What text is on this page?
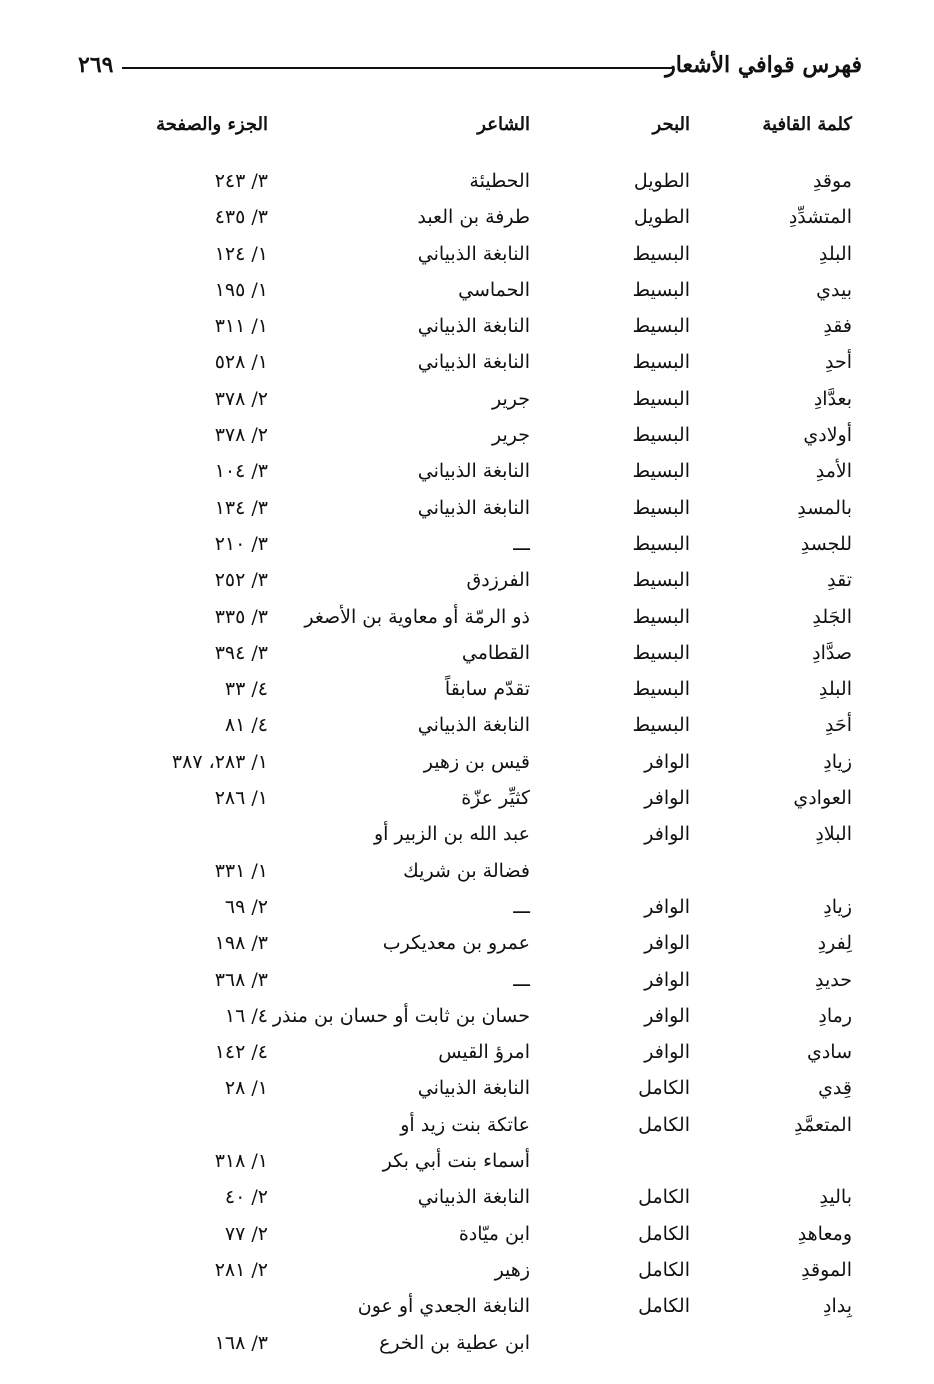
٢٦٩	فهرس قوافي الأشعار
كلمة القافية
البحر
الشاعر
الجزء والصفحة
موقدِ
الطويل
الحطيئة
٣/ ٢٤٣
المتشدِّدِ
الطويل
طرفة بن العبد
٣/ ٤٣٥
البلدِ
البسيط
النابغة الذبياني
١/ ١٢٤
بيدي
البسيط
الحماسي
١/ ١٩٥
فقدِ
البسيط
النابغة الذبياني
١/ ٣١١
أحدِ
البسيط
النابغة الذبياني
١/ ٥٢٨
بعدَّادِ
البسيط
جرير
٢/ ٣٧٨
أولادي
البسيط
جرير
٢/ ٣٧٨
الأمدِ
البسيط
النابغة الذبياني
٣/ ١٠٤
بالمسدِ
البسيط
النابغة الذبياني
٣/ ١٣٤
للجسدِ
البسيط
ـــ
٣/ ٢١٠
تقدِ
البسيط
الفرزدق
٣/ ٢٥٢
الجَلدِ
البسيط
ذو الرمّة أو معاوية بن الأصغر
٣/ ٣٣٥
صدَّادِ
البسيط
القطامي
٣/ ٣٩٤
البلدِ
البسيط
تقدّم سابقاً
٤/ ٣٣
أحَدِ
البسيط
النابغة الذبياني
٤/ ٨١
زيادِ
الوافر
قيس بن زهير
١/ ٢٨٣، ٣٨٧
العوادي
الوافر
كثيِّر عزّة
١/ ٢٨٦
البلادِ
الوافر
عبد الله بن الزبير أو
فضالة بن شريك
١/ ٣٣١
زيادِ
الوافر
ـــ
٢/ ٦٩
لِفردِ
الوافر
عمرو بن معديكرب
٣/ ١٩٨
حديدِ
الوافر
ـــ
٣/ ٣٦٨
رمادِ
الوافر
حسان بن ثابت أو حسان بن منذر
٤/ ١٦
سادي
الوافر
امرؤ القيس
٤/ ١٤٢
قِدي
الكامل
النابغة الذبياني
١/ ٢٨
المتعمَّدِ
الكامل
عاتكة بنت زيد أو
أسماء بنت أبي بكر
١/ ٣١٨
باليدِ
الكامل
النابغة الذبياني
٢/ ٤٠
ومعاهدِ
الكامل
ابن ميّادة
٢/ ٧٧
الموقدِ
الكامل
زهير
٢/ ٢٨١
بِدادِ
الكامل
النابغة الجعدي أو عون
ابن عطية بن الخرع
٣/ ١٦٨
